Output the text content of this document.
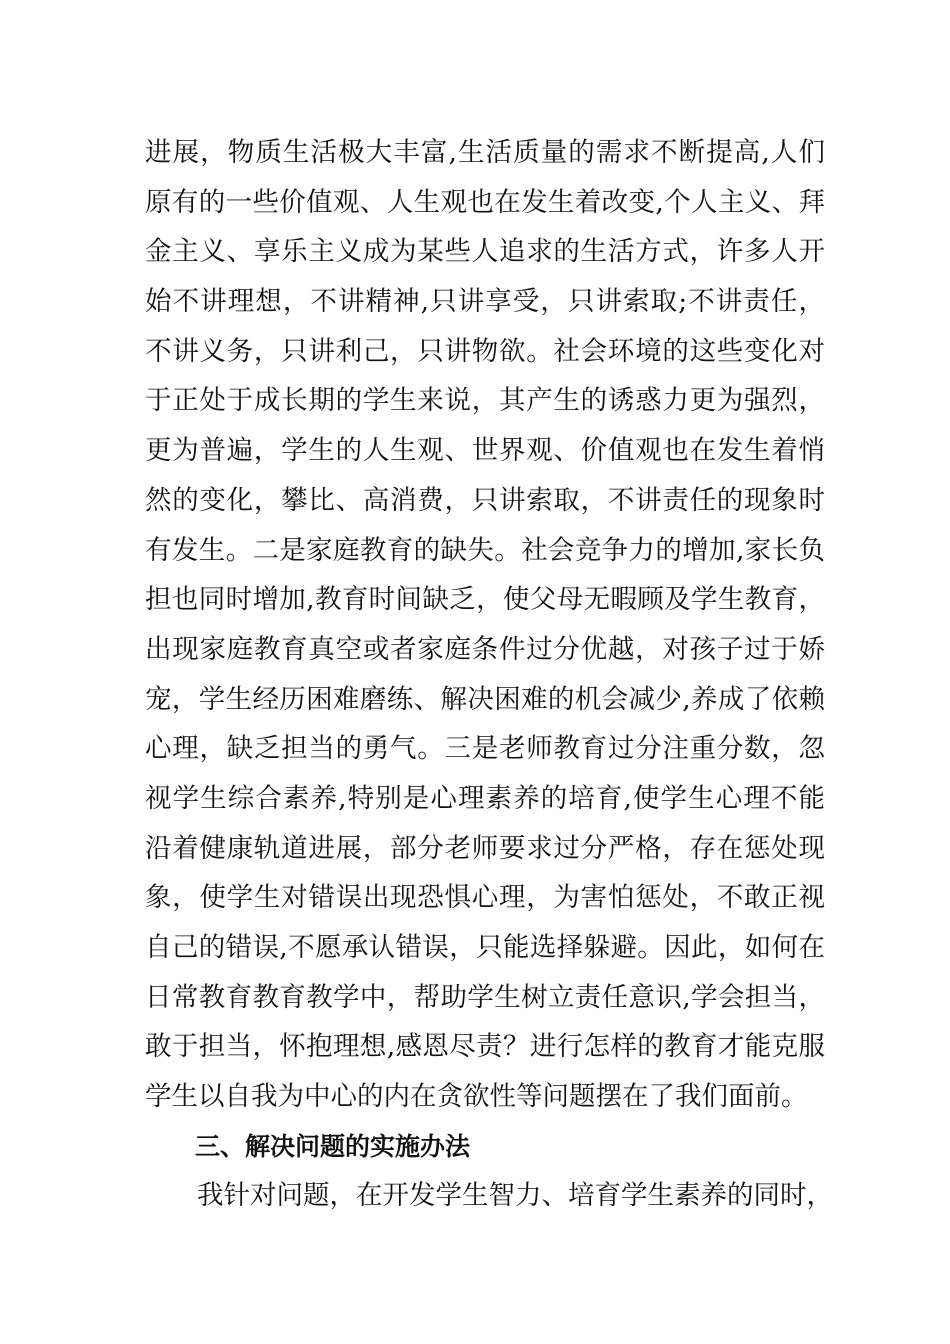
进展，物质生活极大丰富,生活质量的需求不断提高,人们
原有的一些价值观、人生观也在发生着改变,个人主义、拜
金主义、享乐主义成为某些人追求的生活方式，许多人开
始不讲理想，不讲精神,只讲享受，只讲索取;不讲责任，
不讲义务，只讲利己，只讲物欲。社会环境的这些变化对
于正处于成长期的学生来说，其产生的诱惑力更为强烈，
更为普遍，学生的人生观、世界观、价值观也在发生着悄
然的变化，攀比、高消费，只讲索取，不讲责任的现象时
有发生。二是家庭教育的缺失。社会竞争力的增加,家长负
担也同时增加,教育时间缺乏，使父母无暇顾及学生教育，
出现家庭教育真空或者家庭条件过分优越，对孩子过于娇
宠，学生经历困难磨练、解决困难的机会减少,养成了依赖
心理，缺乏担当的勇气。三是老师教育过分注重分数，忽
视学生综合素养,特别是心理素养的培育,使学生心理不能
沿着健康轨道进展，部分老师要求过分严格，存在惩处现
象，使学生对错误出现恐惧心理，为害怕惩处，不敢正视
自己的错误,不愿承认错误，只能选择躲避。因此，如何在
日常教育教育教学中，帮助学生树立责任意识,学会担当，
敢于担当，怀抱理想,感恩尽责？进行怎样的教育才能克服
学生以自我为中心的内在贪欲性等问题摆在了我们面前。
三、解决问题的实施办法
我针对问题，在开发学生智力、培育学生素养的同时，
